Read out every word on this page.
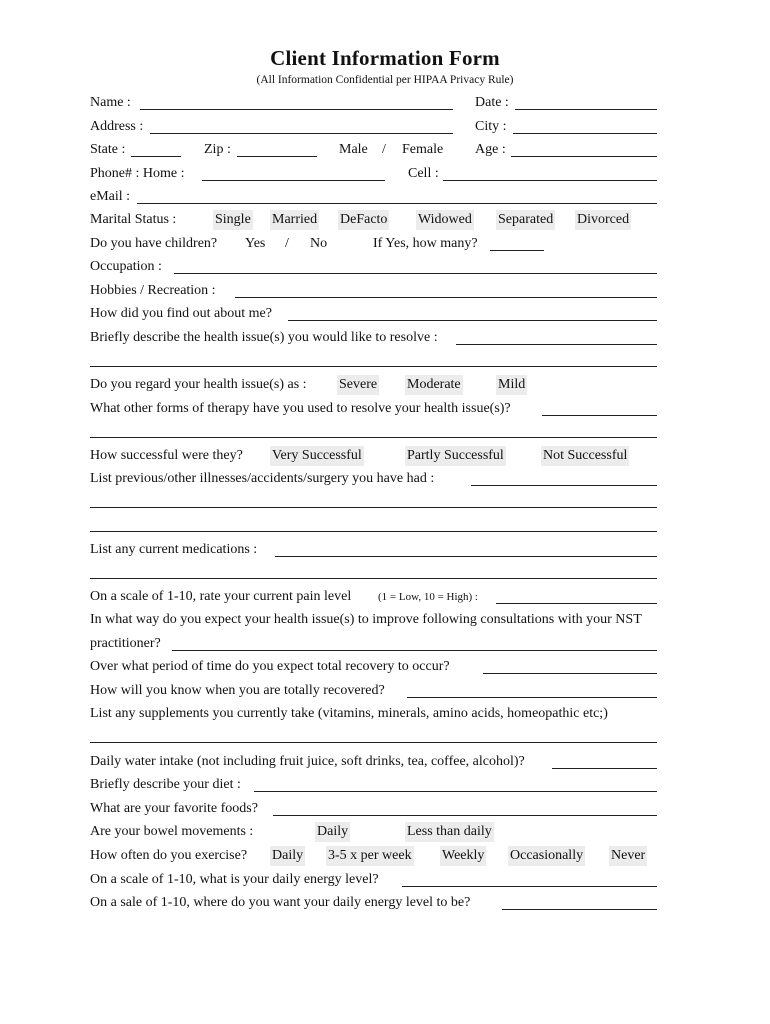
Client Information Form
(All Information Confidential per HIPAA Privacy Rule)
Name :	Date :
Address :	City :
State :	Zip :	Male / Female Age :
Phone# : Home :	Cell :
eMail :
Marital Status :	Single Married DeFacto Widowed Separated Divorced
Do you have children? Yes / No	If Yes, how many?
Occupation :
Hobbies / Recreation :
How did you find out about me?
Briefly describe the health issue(s) you would like to resolve :
Do you regard your health issue(s) as : Severe Moderate	Mild
What other forms of therapy have you used to resolve your health issue(s)?
How successful were they? Very Successful	Partly Successful	Not Successful
List previous/other illnesses/accidents/surgery you have had :
List any current medications :
On a scale of 1-10, rate your current pain level (1 = Low, 10 = High) :
In what way do you expect your health issue(s) to improve following consultations with your NST
practitioner?
Over what period of time do you expect total recovery to occur?
How will you know when you are totally recovered?
List any supplements you currently take (vitamins, minerals, amino acids, homeopathic etc;)
Daily water intake (not including fruit juice, soft drinks, tea, coffee, alcohol)?
Briefly describe your diet :
What are your favorite foods?
Are your bowel movements :	Daily	Less than daily
How often do you exercise? Daily 3-5 x per week Weekly Occasionally Never
On a scale of 1-10, what is your daily energy level?
On a sale of 1-10, where do you want your daily energy level to be?
